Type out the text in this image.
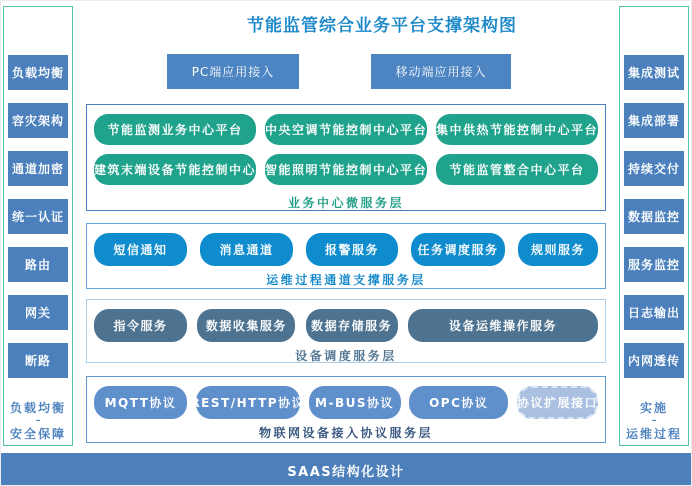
节能监管综合业务平台支撑架构图
负载均衡
容灾架构
通道加密
统一认证
路由
网关
断路
负载均衡
–
安全保障
集成测试
集成部署
持续交付
数据监控
服务监控
日志输出
内网透传
实施
–
运维过程
PC端应用接入	移动端应用接入
节能监测业务中心平台	中央空调节能控制中心平台 集中供热节能控制中心平台
建筑末端设备节能控制中心 智能照明节能控制中心平台	节能监管整合中心平台
业务中心微服务层
短信通知	消息通道	报警服务	任务调度服务	规则服务
运维过程通道支撑服务层
指令服务	数据收集服务	数据存储服务	设备运维操作服务
设备调度服务层
MQTT协议	REST/HTTP协议 M-BUS协议	OPC协议	协议扩展接口
物联网设备接入协议服务层
SAAS结构化设计
